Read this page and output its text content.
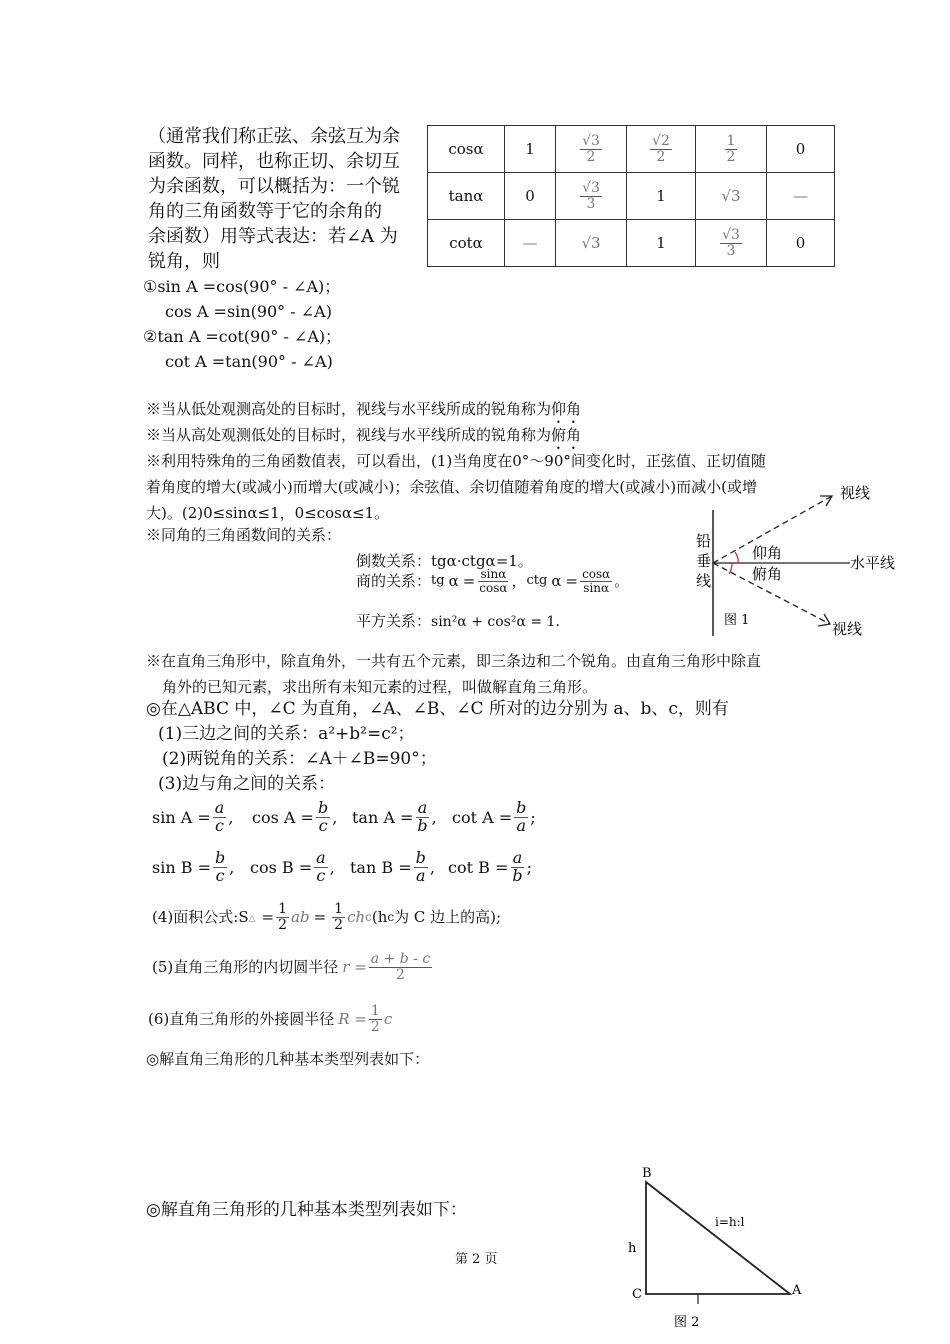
（通常我们称正弦、余弦互为余
函数。同样，也称正切、余切互
为余函数，可以概括为：一个锐
角的三角函数等于它的余角的
余函数）用等式表达：若∠A 为
锐角，则
①sin A =cos(90° - ∠A)；
cos A =sin(90° - ∠A)
②tan A =cot(90° - ∠A)；
cot A =tan(90° - ∠A)
cosα	1	$\frac{√3}{2}$	$\frac{√2}{2}$	$\frac{1}{2}$	0
tanα	0	$\frac{√3}{3}$	1	√3	—
cotα	—	√3	1	$\frac{√3}{3}$	0
※当从低处观测高处的目标时，视线与水平线所成的锐角称为仰角
※当从高处观测低处的目标时，视线与水平线所成的锐角称为俯角
※利用特殊角的三角函数值表，可以看出，(1)当角度在0°～90°间变化时，正弦值、正切值随
着角度的增大(或减小)而增大(或减小)；余弦值、余切值随着角度的增大(或减小)而减小(或增
大)。(2)0≤sinα≤1，0≤cosα≤1。
※同角的三角函数间的关系：
倒数关系：tgα·ctgα=1。
商的关系： tg $\alpha = \frac{\sin\alpha}{\cos\alpha}$ ， ctg $\alpha = \frac{\cos\alpha}{\sin\alpha}$ 。
平方关系：sin²α + cos²α = 1.
铅
垂
线
仰角
俯角
视线
水平线
视线
图 1
※在直角三角形中，除直角外，一共有五个元素，即三条边和二个锐角。由直角三角形中除直
角外的已知元素，求出所有未知元素的过程，叫做解直角三角形。
◎在△ABC 中，∠C 为直角，∠A、∠B、∠C 所对的边分别为 a、b、c，则有
(1)三边之间的关系：a²+b²=c²；
(2)两锐角的关系：∠A＋∠B=90°；
(3)边与角之间的关系：
$\sin A = \frac{a}{c}$ , $\cos A = \frac{b}{c}$ , $\tan A = \frac{a}{b}$ , $\cot A = \frac{b}{a}$ ;
$\sin B = \frac{b}{c}$ , $\cos B = \frac{a}{c}$ , $\tan B = \frac{b}{a}$ , $\cot B = \frac{a}{b}$ ;
(4)面积公式: S △ = $\frac{1}{2}$ ab = $\frac{1}{2}$ ch c (h c 为 C 边上的高);
(5)直角三角形的内切圆半径 $r = \frac{a + b - c}{2}$
(6)直角三角形的外接圆半径 $R = \frac{1}{2}$ c
◎解直角三角形的几种基本类型列表如下：
◎解直角三角形的几种基本类型列表如下：
第 2 页
B
C	A
h
i=h:l
图 2
